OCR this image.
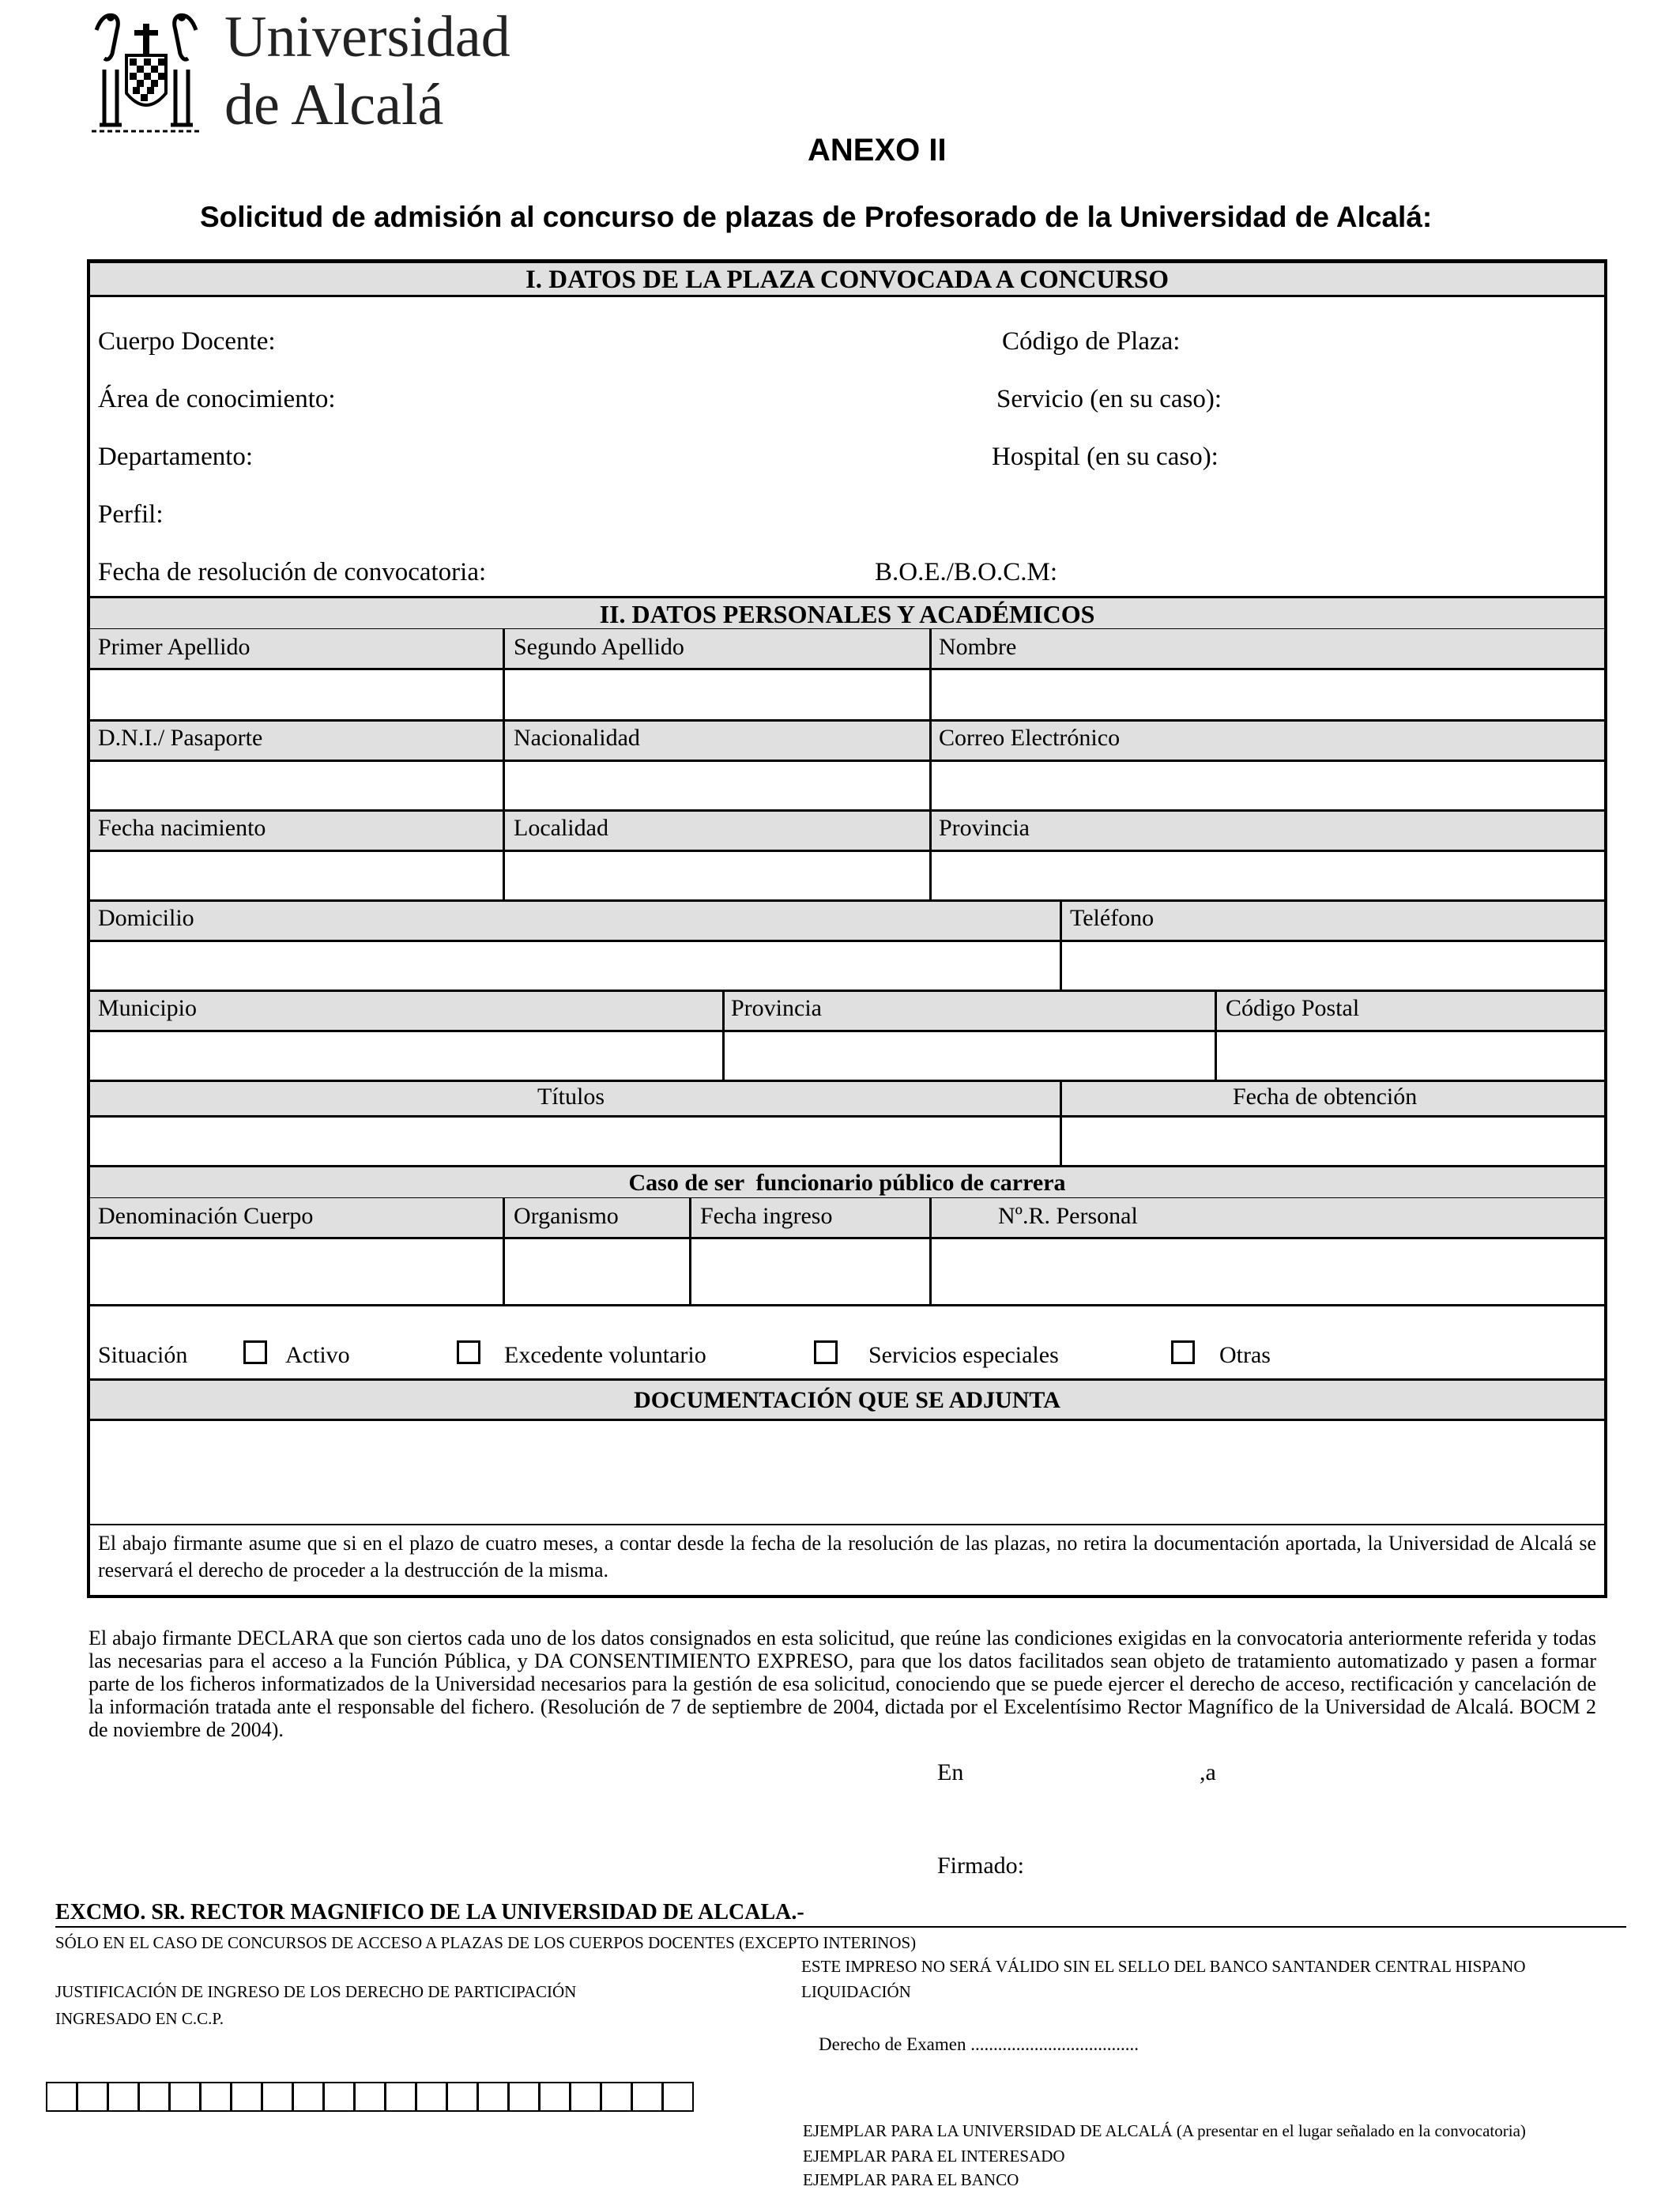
Universidad
de Alcalá
ANEXO II
Solicitud de admisión al concurso de plazas de Profesorado de la Universidad de Alcalá:
I. DATOS DE LA PLAZA CONVOCADA A CONCURSO
Cuerpo Docente:	Código de Plaza:
Área de conocimiento:	Servicio (en su caso):
Departamento:	Hospital (en su caso):
Perfil:
Fecha de resolución de convocatoria:	B.O.E./B.O.C.M:
II. DATOS PERSONALES Y ACADÉMICOS
Primer Apellido	Segundo Apellido	Nombre
D.N.I./ Pasaporte	Nacionalidad	Correo Electrónico
Fecha nacimiento	Localidad	Provincia
Domicilio	Teléfono
Municipio	Provincia	Código Postal
Títulos	Fecha de obtención
Caso de ser  funcionario público de carrera
Denominación Cuerpo	Organismo	Fecha ingreso	Nº.R. Personal
Situación	Activo	Excedente voluntario	Servicios especiales	Otras
DOCUMENTACIÓN QUE SE ADJUNTA
El abajo firmante asume que si en el plazo de cuatro meses, a contar desde la fecha de la resolución de las plazas, no retira la documentación aportada, la Universidad de Alcalá se reservará el derecho de proceder a la destrucción de la misma.
El abajo firmante DECLARA que son ciertos cada uno de los datos consignados en esta solicitud, que reúne las condiciones exigidas en la convocatoria anteriormente referida y todas las necesarias para el acceso a la Función Pública, y DA CONSENTIMIENTO EXPRESO, para que los datos facilitados sean objeto de tratamiento automatizado y pasen a formar parte de los ficheros informatizados de la Universidad necesarios para la gestión de esa solicitud, conociendo que se puede ejercer el derecho de acceso, rectificación y cancelación de la información tratada ante el responsable del fichero. (Resolución de 7 de septiembre de 2004, dictada por el Excelentísimo Rector Magnífico de la Universidad de Alcalá. BOCM 2 de noviembre de 2004).
En	,a
Firmado:
EXCMO. SR. RECTOR MAGNIFICO DE LA UNIVERSIDAD DE ALCALA.-
SÓLO EN EL CASO DE CONCURSOS DE ACCESO A PLAZAS DE LOS CUERPOS DOCENTES (EXCEPTO INTERINOS)
ESTE IMPRESO NO SERÁ VÁLIDO SIN EL SELLO DEL BANCO SANTANDER CENTRAL HISPANO
JUSTIFICACIÓN DE INGRESO DE LOS DERECHO DE PARTICIPACIÓN	LIQUIDACIÓN
INGRESADO EN C.C.P.
Derecho de Examen .....................................
EJEMPLAR PARA LA UNIVERSIDAD DE ALCALÁ (A presentar en el lugar señalado en la convocatoria)
EJEMPLAR PARA EL INTERESADO
EJEMPLAR PARA EL BANCO
